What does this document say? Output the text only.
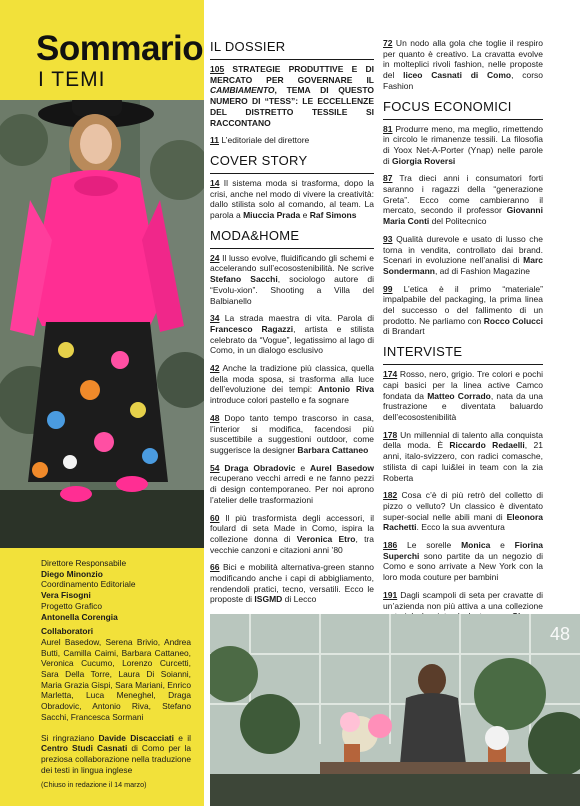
Sommario
I TEMI
24
Direttore Responsabile
Diego Minonzio
Coordinamento Editoriale
Vera Fisogni
Progetto Grafico
Antonella Corengia
Collaboratori
Aurel Basedow, Serena Brivio, Andrea Butti, Camilla Caimi, Barbara Cattaneo, Veronica Cucumo, Lorenzo Curcetti, Sara Della Torre, Laura Di Soianni, Maria Grazia Gispi, Sara Mariani, Enrico Marletta, Luca Meneghel, Draga Obradovic, Antonio Riva, Stefano Sacchi, Francesca Sormani
Si ringraziano Davide Discacciati e il Centro Studi Casnati di Como per la preziosa collaborazione nella traduzione dei testi in lingua inglese
(Chiuso in redazione il 14 marzo)
IL DOSSIER
105 STRATEGIE PRODUTTIVE E DI MERCATO PER GOVERNARE IL CAMBIAMENTO, TEMA DI QUESTO NUMERO DI “TESS”: LE ECCELLENZE DEL DISTRETTO TESSILE SI RACCONTANO
11 L’editoriale del direttore
COVER STORY
14 Il sistema moda si trasforma, dopo la crisi, anche nel modo di vivere la creatività: dallo stilista solo al comando, al team. La parola a Miuccia Prada e Raf Simons
MODA&HOME
24 Il lusso evolve, fluidificando gli schemi e accelerando sull’ecosostenibilità. Ne scrive Stefano Sacchi, sociologo autore di “Evolu-xion”. Shooting a Villa del Balbianello
34 La strada maestra di vita. Parola di Francesco Ragazzi, artista e stilista celebrato da “Vogue”, legatissimo al lago di Como, in un dialogo esclusivo
42 Anche la tradizione più classica, quella della moda sposa, si trasforma alla luce dell’evoluzione dei tempi: Antonio Riva introduce colori pastello e fa sognare
48 Dopo tanto tempo trascorso in casa, l’interior si modifica, facendosi più suscettibile a suggestioni outdoor, come suggerisce la designer Barbara Cattaneo
54 Draga Obradovic e Aurel Basedow recuperano vecchi arredi e ne fanno pezzi di design contemporaneo. Per noi aprono l’atelier delle trasformazioni
60 Il più trasformista degli accessori, il foulard di seta Made in Como, ispira la collezione donna di Veronica Etro, tra vecchie canzoni e citazioni anni ’80
66 Bici e mobilità alternativa-green stanno modificando anche i capi di abbigliamento, rendendoli pratici, tecno, versatili. Ecco le proposte di ISGMD di Lecco
72 Un nodo alla gola che toglie il respiro per quanto è creativo. La cravatta evolve in molteplici rivoli fashion, nelle proposte del liceo Casnati di Como, corso Fashion
FOCUS ECONOMICI
81 Produrre meno, ma meglio, rimettendo in circolo le rimanenze tessili. La filosofia di Yoox Net-A-Porter (Ynap) nelle parole di Giorgia Roversi
87 Tra dieci anni i consumatori forti saranno i ragazzi della “generazione Greta”. Ecco come cambieranno il mercato, secondo il professor Giovanni Maria Conti del Politecnico
93 Qualità durevole e usato di lusso che torna in vendita, controllato dai brand. Scenari in evoluzione nell’analisi di Marc Sondermann, ad di Fashion Magazine
99 L’etica è il primo “materiale” impalpabile del packaging, la prima linea del successo o del fallimento di un prodotto. Ne parliamo con Rocco Colucci di Brandart
INTERVISTE
174 Rosso, nero, grigio. Tre colori e pochi capi basici per la linea active Camco fondata da Matteo Corrado, nata da una frustrazione e diventata baluardo dell’ecosostenibilità
178 Un millennial di talento alla conquista della moda. È Riccardo Redaelli, 21 anni, italo-svizzero, con radici comasche, stilista di capi lui&lei in team con la zia Roberta
182 Cosa c’è di più retrò del colletto di pizzo o velluto? Un classico è diventato super-social nelle abili mani di Eleonora Rachetti. Ecco la sua avventura
186 Le sorelle Monica e Fiorina Superchi sono partite da un negozio di Como e sono arrivate a New York con la loro moda couture per bambini
191 Dagli scampoli di seta per cravatte di un’azienda non più attiva a una collezione
48
